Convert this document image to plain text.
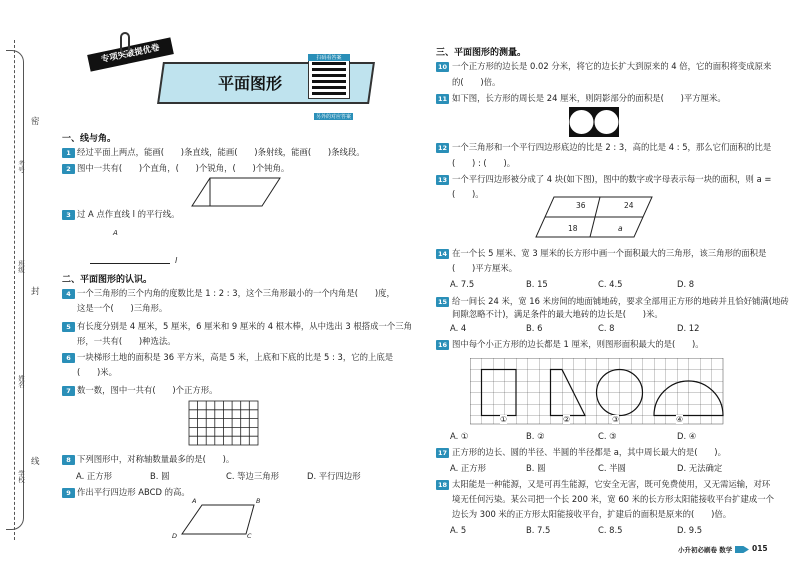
考号
班级
姓名
学校
密
封
线
平面图形
专项突破提优卷	扫码看答案
另外的对应答案
一、线与角。
1 经过平面上两点，能画(　　)条直线，能画(　　)条射线，能画(　　)条线段。
2 图中一共有(　　)个直角，(　　)个锐角，(　　)个钝角。
3 过 A 点作直线 l 的平行线。
A
l
二、平面图形的认识。
4 一个三角形的三个内角的度数比是 1 : 2 : 3，这个三角形最小的一个内角是(　　)度，
这是一个(　　)三角形。
5 有长度分别是 4 厘米，5 厘米，6 厘米和 9 厘米的 4 根木棒，从中选出 3 根搭成一个三角
形，一共有(　　)种选法。
6 一块梯形土地的面积是 36 平方米，高是 5 米，上底和下底的比是 5 : 3，它的上底是
(　　)米。
7 数一数，图中一共有(　　)个正方形。
8 下列图形中，对称轴数量最多的是(　　)。
A. 正方形	B. 圆	C. 等边三角形	D. 平行四边形
9 作出平行四边形 ABCD 的高。
A	B
C
D
三、平面图形的测量。
10 一个正方形的边长是 0.02 分米，将它的边长扩大到原来的 4 倍，它的面积将变成原来
的(　　)倍。
11 如下图，长方形的周长是 24 厘米，则阴影部分的面积是(　　)平方厘米。
12 一个三角形和一个平行四边形底边的比是 2 : 3，高的比是 4 : 5，那么它们面积的比是
(　　) : (　　)。
13 一个平行四边形被分成了 4 块(如下图)，图中的数字或字母表示每一块的面积，则 a =
(　　)。
36	24
18	a
14 在一个长 5 厘米、宽 3 厘米的长方形中画一个面积最大的三角形，该三角形的面积是
(　　)平方厘米。
A. 7.5	B. 15	C. 4.5	D. 8
15 给一间长 24 米，宽 16 米房间的地面铺地砖，要求全部用正方形的地砖并且恰好铺满(地砖
间隙忽略不计)，满足条件的最大地砖的边长是(　　)米。
A. 4	B. 6	C. 8	D. 12
16 图中每个小正方形的边长都是 1 厘米，则图形面积最大的是(　　)。
①	②	③	④
A. ①	B. ②	C. ③	D. ④
17 正方形的边长、圆的半径、半圆的半径都是 a，其中周长最大的是(　　)。
A. 正方形	B. 圆	C. 半圆	D. 无法确定
18 太阳能是一种能源，又是可再生能源，它安全无害，既可免费使用，又无需运输，对环
境无任何污染。某公司把一个长 200 米，宽 60 米的长方形太阳能接收平台扩建成一个
边长为 300 米的正方形太阳能接收平台，扩建后的面积是原来的(　　)倍。
A. 5	B. 7.5	C. 8.5	D. 9.5
小升初必刷卷 数学	015
